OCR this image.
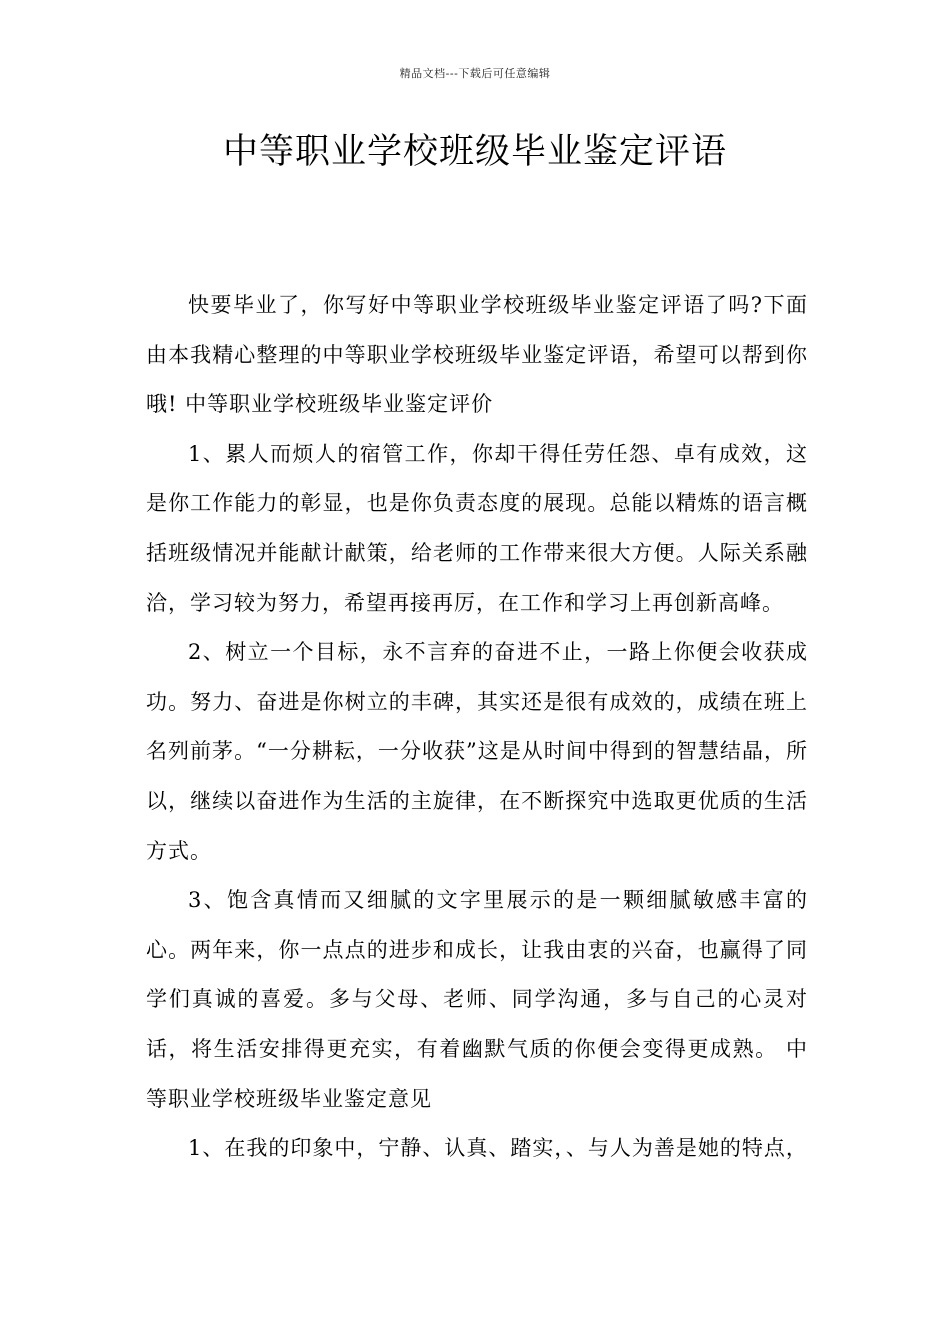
精品文档---下载后可任意编辑
中等职业学校班级毕业鉴定评语

快要毕业了，你写好中等职业学校班级毕业鉴定评语了吗?下面由本我精心整理的中等职业学校班级毕业鉴定评语，希望可以帮到你哦! 中等职业学校班级毕业鉴定评价

1、累人而烦人的宿管工作，你却干得任劳任怨、卓有成效，这是你工作能力的彰显，也是你负责态度的展现。总能以精炼的语言概括班级情况并能献计献策，给老师的工作带来很大方便。人际关系融洽，学习较为努力，希望再接再厉，在工作和学习上再创新高峰。

2、树立一个目标，永不言弃的奋进不止，一路上你便会收获成功。努力、奋进是你树立的丰碑，其实还是很有成效的，成绩在班上名列前茅。“一分耕耘，一分收获”这是从时间中得到的智慧结晶，所以，继续以奋进作为生活的主旋律，在不断探究中选取更优质的生活方式。

3、饱含真情而又细腻的文字里展示的是一颗细腻敏感丰富的心。两年来，你一点点的进步和成长，让我由衷的兴奋，也赢得了同学们真诚的喜爱。多与父母、老师、同学沟通，多与自己的心灵对话，将生活安排得更充实，有着幽默气质的你便会变得更成熟。 中等职业学校班级毕业鉴定意见

1、在我的印象中，宁静、认真、踏实，、与人为善是她的特点，
